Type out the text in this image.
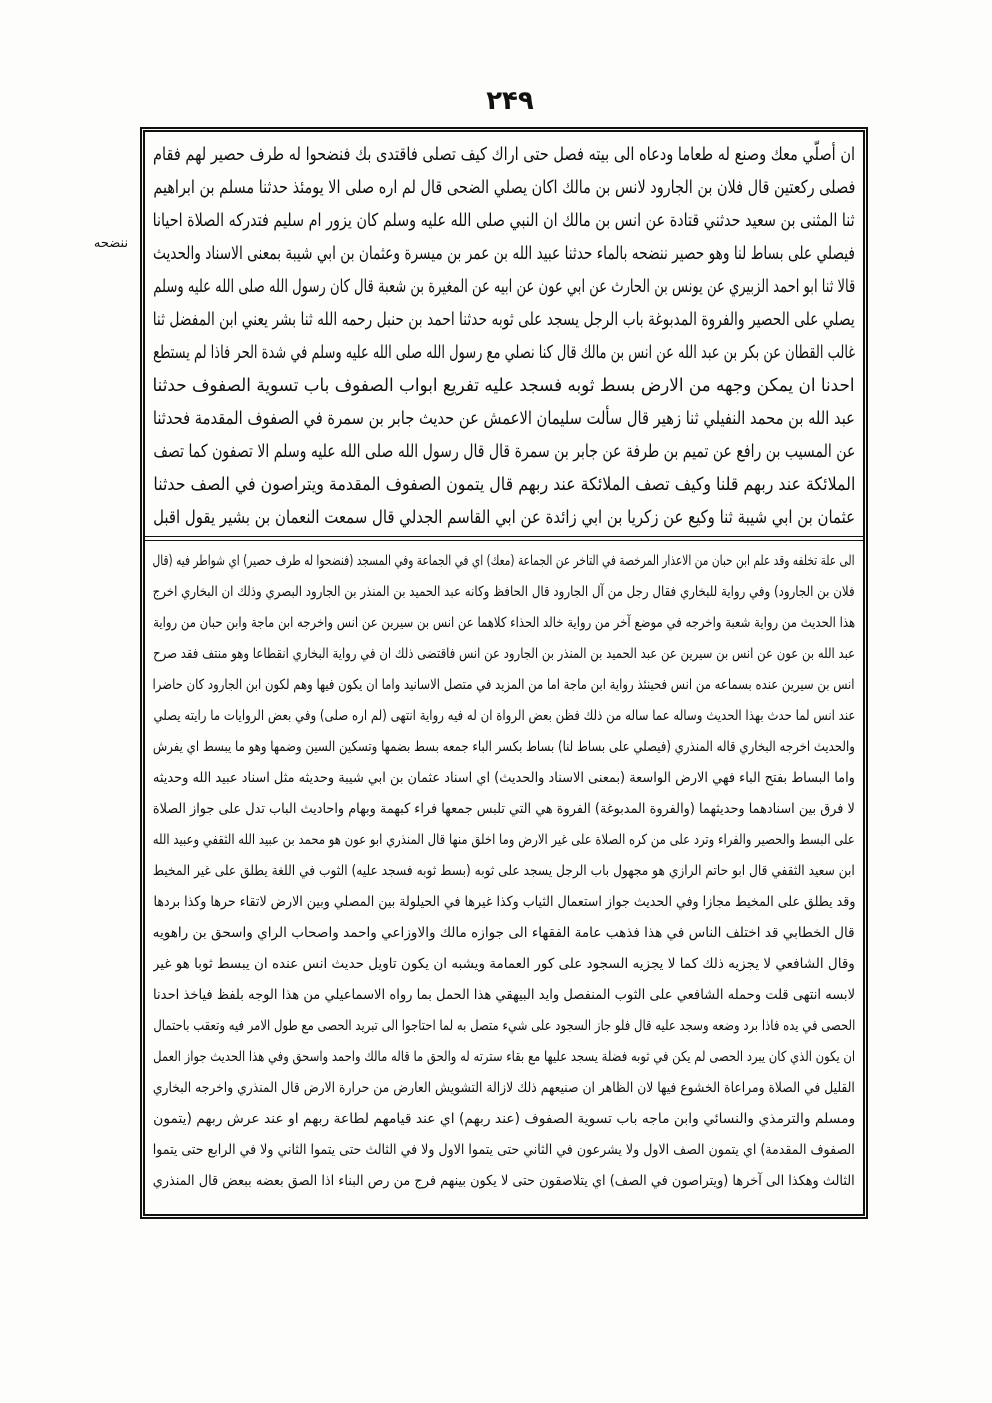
۲۴۹
ننضحه
ان أصلّي معك وصنع له طعاما ودعاه الى بيته فصل حتى اراك كيف تصلى فاقتدى بك فنضحوا له طرف حصير لهم فقام
فصلى ركعتين قال فلان بن الجارود لانس بن مالك اكان يصلي الضحى قال لم اره صلى الا يومئذ حدثنا مسلم بن ابراهيم
ثنا المثنى بن سعيد حدثني قتادة عن انس بن مالك ان النبي صلى الله عليه وسلم كان يزور ام سليم فتدركه الصلاة احيانا
فيصلي على بساط لنا وهو حصير ننضحه بالماء حدثنا عبيد الله بن عمر بن ميسرة وعثمان بن ابي شيبة بمعنى الاسناد والحديث
قالا ثنا ابو احمد الزبيري عن يونس بن الحارث عن ابي عون عن ابيه عن المغيرة بن شعبة قال كان رسول الله صلى الله عليه وسلم
يصلي على الحصير والفروة المدبوغة باب الرجل يسجد على ثوبه حدثنا احمد بن حنبل رحمه الله ثنا بشر يعني ابن المفضل ثنا
غالب القطان عن بكر بن عبد الله عن انس بن مالك قال كنا نصلي مع رسول الله صلى الله عليه وسلم في شدة الحر فاذا لم يستطع
احدنا ان يمكن وجهه من الارض بسط ثوبه فسجد عليه تفريع ابواب الصفوف باب تسوية الصفوف حدثنا
عبد الله بن محمد النفيلي ثنا زهير قال سألت سليمان الاعمش عن حديث جابر بن سمرة في الصفوف المقدمة فحدثنا
عن المسيب بن رافع عن تميم بن طرفة عن جابر بن سمرة قال قال رسول الله صلى الله عليه وسلم الا تصفون كما تصف
الملائكة عند ربهم قلنا وكيف تصف الملائكة عند ربهم قال يتمون الصفوف المقدمة ويتراصون في الصف حدثنا
عثمان بن ابي شيبة ثنا وكيع عن زكريا بن ابي زائدة عن ابي القاسم الجدلي قال سمعت النعمان بن بشير يقول اقبل
الى علة تخلفه وقد علم ابن حبان من الاعذار المرخصة في التاخر عن الجماعة (معك) اي في الجماعة وفي المسجد (فنضحوا له طرف حصير) اي شواطر فيه (قال
فلان بن الجارود) وفي رواية للبخاري فقال رجل من آل الجارود قال الحافظ وكانه عبد الحميد بن المنذر بن الجارود البصري وذلك ان البخاري اخرج
هذا الحديث من رواية شعبة واخرجه في موضع آخر من رواية خالد الحذاء كلاهما عن انس بن سيرين عن انس واخرجه ابن ماجة وابن حبان من رواية
عبد الله بن عون عن انس بن سيرين عن عبد الحميد بن المنذر بن الجارود عن انس فاقتضى ذلك ان في رواية البخاري انقطاعا وهو منتف فقد صرح
انس بن سيرين عنده بسماعه من انس فحينئذ رواية ابن ماجة اما من المزيد في متصل الاسانيد واما ان يكون فيها وهم لكون ابن الجارود كان حاضرا
عند انس لما حدث بهذا الحديث وساله عما ساله من ذلك فظن بعض الرواة ان له فيه رواية انتهى (لم اره صلى) وفي بعض الروايات ما رايته يصلي
والحديث اخرجه البخاري قاله المنذري (فيصلي على بساط لنا) بساط بكسر الباء جمعه بسط بضمها وتسكين السين وضمها وهو ما يبسط اي يفرش
واما البساط بفتح الباء فهي الارض الواسعة (بمعنى الاسناد والحديث) اي اسناد عثمان بن ابي شيبة وحديثه مثل اسناد عبيد الله وحديثه
لا فرق بين اسنادهما وحديثهما (والفروة المدبوغة) الفروة هي التي تلبس جمعها فراء كبهمة وبهام واحاديث الباب تدل على جواز الصلاة
على البسط والحصير والفراء وترد على من كره الصلاة على غير الارض وما اخلق منها قال المنذري ابو عون هو محمد بن عبيد الله الثقفي وعبيد الله
ابن سعيد الثقفي قال ابو حاتم الرازي هو مجهول باب الرجل يسجد على ثوبه (بسط ثوبه فسجد عليه) الثوب في اللغة يطلق على غير المخيط
وقد يطلق على المخيط مجازا وفي الحديث جواز استعمال الثياب وكذا غيرها في الحيلولة بين المصلي وبين الارض لاتقاء حرها وكذا بردها
قال الخطابي قد اختلف الناس في هذا فذهب عامة الفقهاء الى جوازه مالك والاوزاعي واحمد واصحاب الراي واسحق بن راهويه
وقال الشافعي لا يجزيه ذلك كما لا يجزيه السجود على كور العمامة ويشبه ان يكون تاويل حديث انس عنده ان يبسط ثوبا هو غير
لابسه انتهى قلت وحمله الشافعي على الثوب المنفصل وايد البيهقي هذا الحمل بما رواه الاسماعيلي من هذا الوجه بلفظ فياخذ احدنا
الحصى في يده فاذا برد وضعه وسجد عليه قال فلو جاز السجود على شيء متصل به لما احتاجوا الى تبريد الحصى مع طول الامر فيه وتعقب باحتمال
ان يكون الذي كان يبرد الحصى لم يكن في ثوبه فضلة يسجد عليها مع بقاء سترته له والحق ما قاله مالك واحمد واسحق وفي هذا الحديث جواز العمل
القليل في الصلاة ومراعاة الخشوع فيها لان الظاهر ان صنيعهم ذلك لازالة التشويش العارض من حرارة الارض قال المنذري واخرجه البخاري
ومسلم والترمذي والنسائي وابن ماجه باب تسوية الصفوف (عند ربهم) اي عند قيامهم لطاعة ربهم او عند عرش ربهم (يتمون
الصفوف المقدمة) اي يتمون الصف الاول ولا يشرعون في الثاني حتى يتموا الاول ولا في الثالث حتى يتموا الثاني ولا في الرابع حتى يتموا
الثالث وهكذا الى آخرها (ويتراصون في الصف) اي يتلاصقون حتى لا يكون بينهم فرج من رص البناء اذا الصق بعضه ببعض قال المنذري
